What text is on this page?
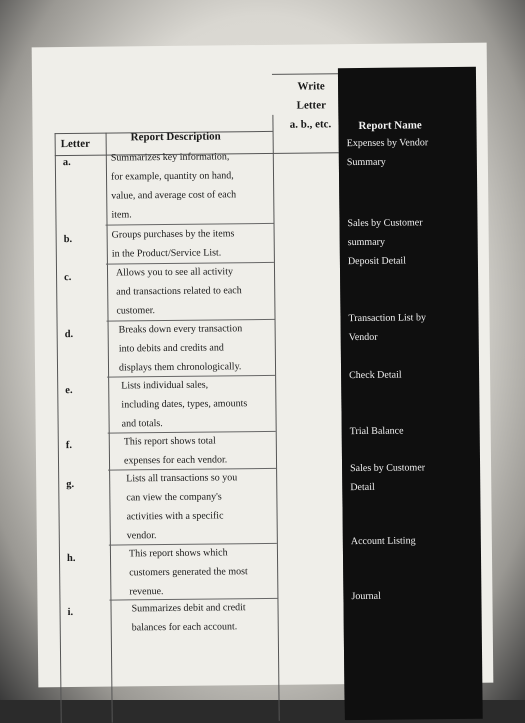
Letter
Report Description
Write
Letter
a. b., etc.	Report Name
a.
b.
c.
d.
e.
f.
g.
h.
i.
Summarizes key information,
for example, quantity on hand,
value, and average cost of each
item.
Groups purchases by the items
in the Product/Service List.
Allows you to see all activity
and transactions related to each
customer.
Breaks down every transaction
into debits and credits and
displays them chronologically.
Lists individual sales,
including dates, types, amounts
and totals.
This report shows total
expenses for each vendor.
Lists all transactions so you
can view the company's
activities with a specific
vendor.
This report shows which
customers generated the most
revenue.
Summarizes debit and credit
balances for each account.
Expenses by Vendor
Summary
Sales by Customer
summary
Deposit Detail
Transaction List by
Vendor
Check Detail
Trial Balance
Sales by Customer
Detail
Account Listing
Journal
